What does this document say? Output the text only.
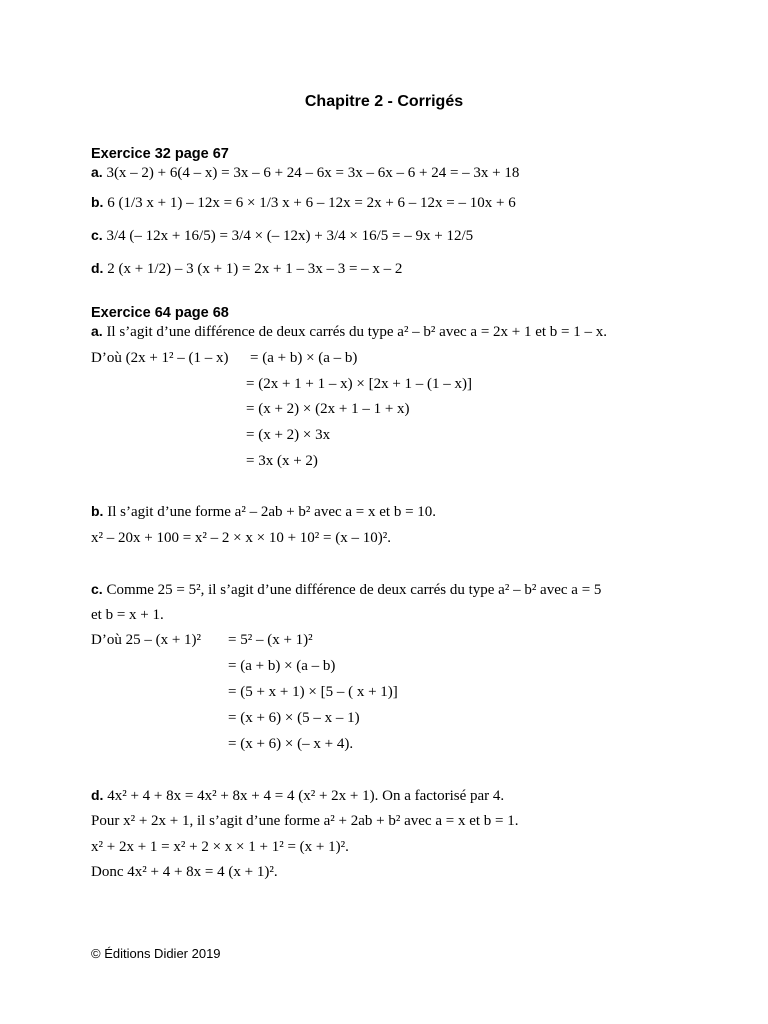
Chapitre 2 - Corrigés
Exercice 32 page 67
a. 3(x – 2) + 6(4 – x) = 3x – 6 + 24 – 6x = 3x – 6x – 6 + 24 = – 3x + 18
b. 6 (1/3 x + 1) – 12x = 6 × 1/3 x + 6 – 12x = 2x + 6 – 12x = – 10x + 6
c. 3/4 (– 12x + 16/5) = 3/4 × (– 12x) + 3/4 × 16/5 = – 9x + 12/5
d. 2 (x + 1/2) – 3 (x + 1) = 2x + 1 – 3x – 3 = – x – 2
Exercice 64 page 68
a. Il s’agit d’une différence de deux carrés du type a² – b² avec a = 2x + 1 et b = 1 – x.
D’où (2x + 1² – (1 – x) = (a + b) × (a – b)
= (2x + 1 + 1 – x) × [2x + 1 – (1 – x)]
= (x + 2) × (2x + 1 – 1 + x)
= (x + 2) × 3x
= 3x (x + 2)
b. Il s’agit d’une forme a² – 2ab + b² avec a = x et b = 10.
x² – 20x + 100 = x² – 2 × x × 10 + 10² = (x – 10)².
c. Comme 25 = 5², il s’agit d’une différence de deux carrés du type a² – b² avec a = 5
et b = x + 1.
D’où 25 – (x + 1)² = 5² – (x + 1)²
= (a + b) × (a – b)
= (5 + x + 1) × [5 – ( x + 1)]
= (x + 6) × (5 – x – 1)
= (x + 6) × (– x + 4).
d. 4x² + 4 + 8x = 4x² + 8x + 4 = 4 (x² + 2x + 1). On a factorisé par 4.
Pour x² + 2x + 1, il s’agit d’une forme a² + 2ab + b² avec a = x et b = 1.
x² + 2x + 1 = x² + 2 × x × 1 + 1² = (x + 1)².
Donc 4x² + 4 + 8x = 4 (x + 1)².
© Éditions Didier 2019
